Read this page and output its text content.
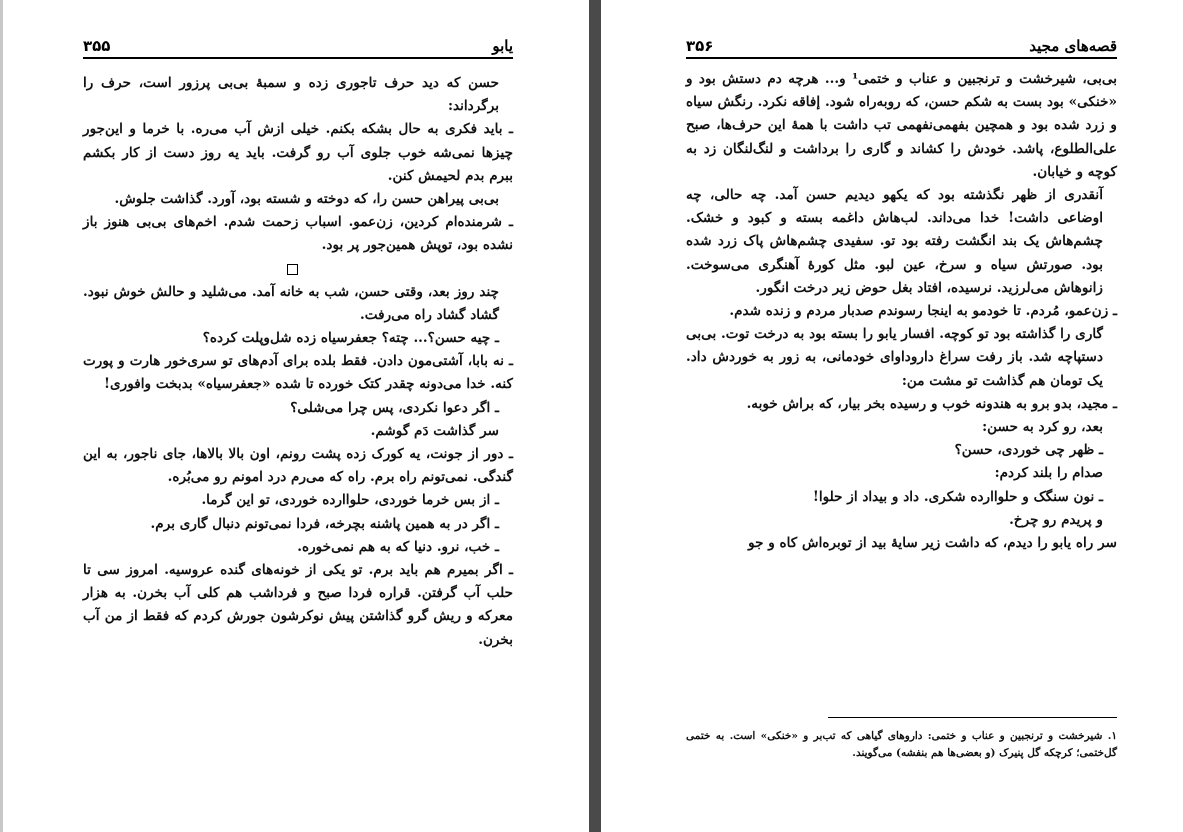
۳۵۵	یابو

حسن که دید حرف تاجوری زده و سمبهٔ بی‌بی پرزور است، حرف را برگرداند:

ـ باید فکری به حال بشکه بکنم. خیلی ازش آب می‌ره. با خرما و این‌جور چیزها نمی‌شه خوب جلوی آب رو گرفت. باید یه روز دست از کار بکشم ببرم بدم لحیمش کنن.

بی‌بی پیراهن حسن را، که دوخته و شسته بود، آورد. گذاشت جلوش.

ـ شرمنده‌ام کردین، زن‌عمو. اسباب زحمت شدم. اخم‌های بی‌بی هنوز باز نشده بود، توپش همین‌جور پر بود.

چند روز بعد، وقتی حسن، شب به خانه آمد. می‌شلید و حالش خوش نبود. گشاد گشاد راه می‌رفت.

ـ چیه حسن؟... چته؟ جعفرسیاه زده شل‌وپلت کرده؟

ـ نه بابا، آشتی‌مون دادن. فقط بلده برای آدم‌های تو سری‌خور هارت و پورت کنه. خدا می‌دونه چقدر کتک خورده تا شده «جعفرسیاه» بدبخت وافوری!

ـ اگر دعوا نکردی، پس چرا می‌شلی؟

سر گذاشت دَم گوشم.

ـ دور از جونت، یه کورک زده پشت رونم، اون بالا بالاها، جای ناجور، به این گندگی. نمی‌تونم راه برم. راه که می‌رم درد امونم رو می‌بُره.

ـ از بس خرما خوردی، حلواارده خوردی، تو این گرما.

ـ اگر در به همین پاشنه بچرخه، فردا نمی‌تونم دنبال گاری برم.

ـ خب، نرو. دنیا که به هم نمی‌خوره.

ـ اگر بمیرم هم باید برم. تو یکی از خونه‌های گنده عروسیه. امروز سی تا حلب آب گرفتن. قراره فردا صبح و فرداشب هم کلی آب بخرن. به هزار معرکه و ریش گرو گذاشتن پیش نوکرشون جورش کردم که فقط از من آب بخرن.

۳۵۶	قصه‌های مجید

بی‌بی، شیرخشت و ترنجبین و عناب و ختمی¹ و... هرچه دم دستش بود و «خنکی» بود بست به شکم حسن، که روبه‌راه شود. إفاقه نکرد. رنگش سیاه و زرد شده بود و همچین بفهمی‌نفهمی تب داشت با همهٔ این حرف‌ها، صبح علی‌الطلوع، پاشد. خودش را کشاند و گاری را برداشت و لنگ‌لنگان زد به کوچه و خیابان.

آنقدری از ظهر نگذشته بود که یکهو دیدیم حسن آمد. چه حالی، چه اوضاعی داشت! خدا می‌داند. لب‌هاش داغمه بسته و کبود و خشک. چشم‌هاش یک بند انگشت رفته بود تو. سفیدی چشم‌هاش پاک زرد شده بود. صورتش سیاه و سرخ، عین لبو. مثل کورهٔ آهنگری می‌سوخت. زانوهاش می‌لرزید. نرسیده، افتاد بغل حوض زیر درخت انگور.

ـ زن‌عمو، مُردم. تا خودمو به اینجا رسوندم صدبار مردم و زنده شدم.

گاری را گذاشته بود تو کوچه. افسار یابو را بسته بود به درخت توت. بی‌بی دستپاچه شد. باز رفت سراغ داروداوای خودمانی، به زور به خوردش داد. یک تومان هم گذاشت تو مشت من:

ـ مجید، بدو برو به هندونه خوب و رسیده بخر بیار، که براش خوبه.

بعد، رو کرد به حسن:

ـ ظهر چی خوردی، حسن؟

صدام را بلند کردم:

ـ نون سنگک و حلواارده شکری. داد و بیداد از حلوا!

و پریدم رو چرخ.

سر راه یابو را دیدم، که داشت زیر سایهٔ بید از توبره‌اش کاه و جو

۱. شیرخشت و ترنجبین و عناب و ختمی: داروهای گیاهی که تب‌بر و «خنکی» است. به ختمی گل‌ختمی؛ کرچکه گل پنیرک (و بعضی‌ها هم بنفشه) می‌گویند.
